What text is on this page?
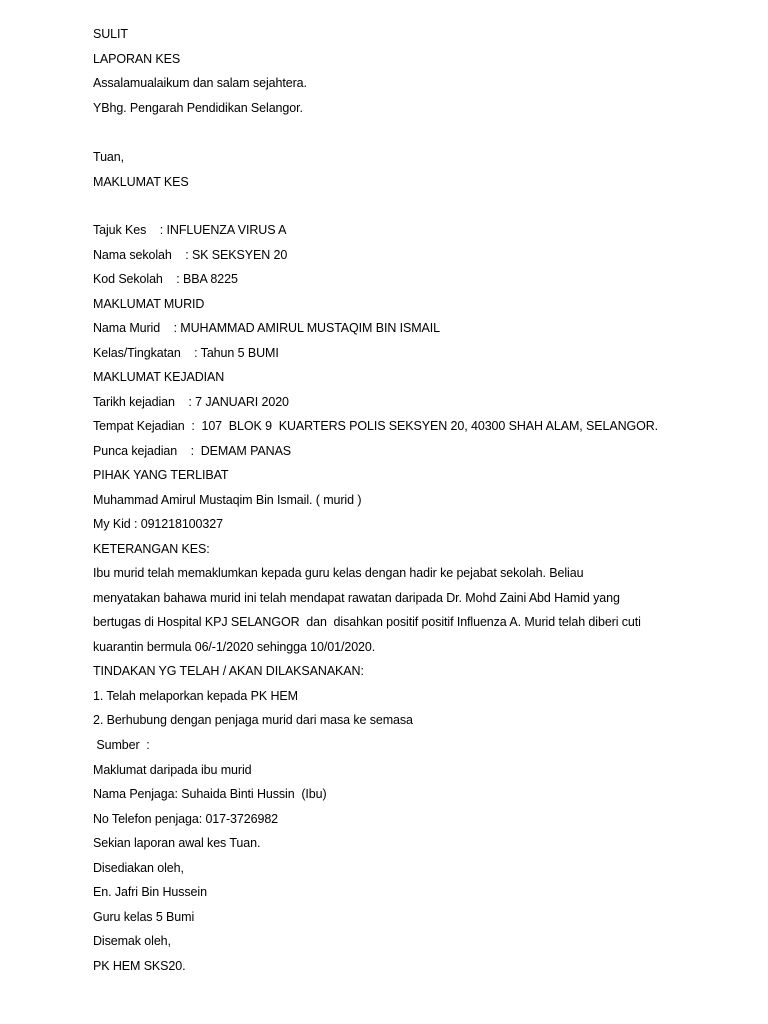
SULIT
LAPORAN KES
Assalamualaikum dan salam sejahtera.
YBhg. Pengarah Pendidikan Selangor.
Tuan,
MAKLUMAT KES
Tajuk Kes    : INFLUENZA VIRUS A
Nama sekolah    : SK SEKSYEN 20
Kod Sekolah    : BBA 8225
MAKLUMAT MURID
Nama Murid    : MUHAMMAD AMIRUL MUSTAQIM BIN ISMAIL
Kelas/Tingkatan    : Tahun 5 BUMI
MAKLUMAT KEJADIAN
Tarikh kejadian    : 7 JANUARI 2020
Tempat Kejadian  :  107  BLOK 9  KUARTERS POLIS SEKSYEN 20, 40300 SHAH ALAM, SELANGOR.
Punca kejadian    :  DEMAM PANAS
PIHAK YANG TERLIBAT
Muhammad Amirul Mustaqim Bin Ismail. ( murid )
My Kid : 091218100327
KETERANGAN KES:
Ibu murid telah memaklumkan kepada guru kelas dengan hadir ke pejabat sekolah. Beliau
menyatakan bahawa murid ini telah mendapat rawatan daripada Dr. Mohd Zaini Abd Hamid yang
bertugas di Hospital KPJ SELANGOR  dan  disahkan positif positif Influenza A. Murid telah diberi cuti
kuarantin bermula 06/-1/2020 sehingga 10/01/2020.
TINDAKAN YG TELAH / AKAN DILAKSANAKAN:
1. Telah melaporkan kepada PK HEM
2. Berhubung dengan penjaga murid dari masa ke semasa
Sumber  :
Maklumat daripada ibu murid
Nama Penjaga: Suhaida Binti Hussin  (Ibu)
No Telefon penjaga: 017-3726982
Sekian laporan awal kes Tuan.
Disediakan oleh,
En. Jafri Bin Hussein
Guru kelas 5 Bumi
Disemak oleh,
PK HEM SKS20.
